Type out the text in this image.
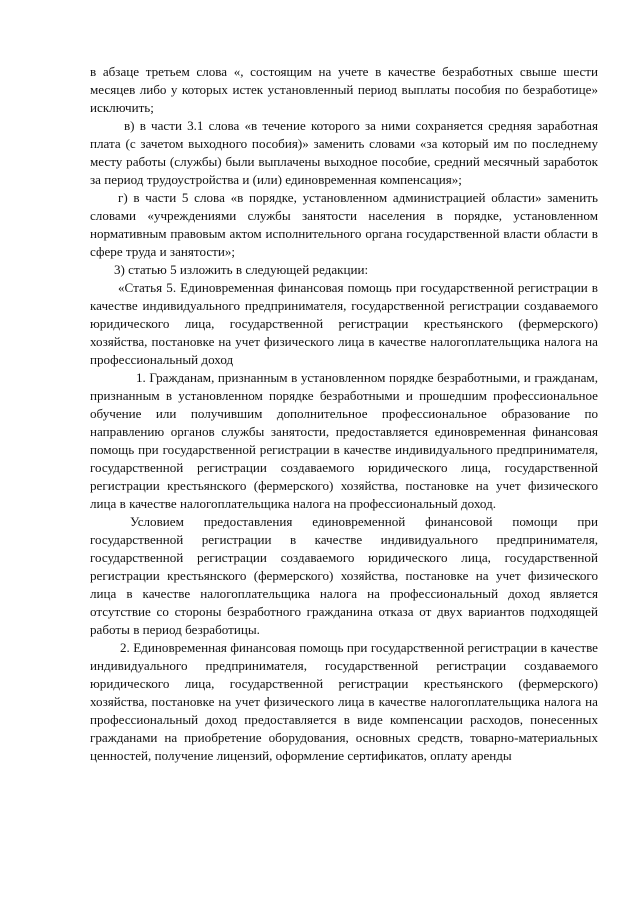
в абзаце третьем слова «, состоящим на учете в качестве безработных свыше шести месяцев либо у которых истек установленный период выплаты пособия по безработице» исключить;

в) в части 3.1 слова «в течение которого за ними сохраняется средняя заработная плата (с зачетом выходного пособия)» заменить словами «за который им по последнему месту работы (службы) были выплачены выходное пособие, средний месячный заработок за период трудоустройства и (или) единовременная компенсация»;

г) в части 5 слова «в порядке, установленном администрацией области» заменить словами «учреждениями службы занятости населения в порядке, установленном нормативным правовым актом исполнительного органа государственной власти области в сфере труда и занятости»;

3) статью 5 изложить в следующей редакции:

«Статья 5. Единовременная финансовая помощь при государственной регистрации в качестве индивидуального предпринимателя, государственной регистрации создаваемого юридического лица, государственной регистрации крестьянского (фермерского) хозяйства, постановке на учет физического лица в качестве налогоплательщика налога на профессиональный доход

1. Гражданам, признанным в установленном порядке безработными, и гражданам, признанным в установленном порядке безработными и прошедшим профессиональное обучение или получившим дополнительное профессиональное образование по направлению органов службы занятости, предоставляется единовременная финансовая помощь при государственной регистрации в качестве индивидуального предпринимателя, государственной регистрации создаваемого юридического лица, государственной регистрации крестьянского (фермерского) хозяйства, постановке на учет физического лица в качестве налогоплательщика налога на профессиональный доход.

Условием предоставления единовременной финансовой помощи при государственной регистрации в качестве индивидуального предпринимателя, государственной регистрации создаваемого юридического лица, государственной регистрации крестьянского (фермерского) хозяйства, постановке на учет физического лица в качестве налогоплательщика налога на профессиональный доход является отсутствие со стороны безработного гражданина отказа от двух вариантов подходящей работы в период безработицы.

2. Единовременная финансовая помощь при государственной регистрации в качестве индивидуального предпринимателя, государственной регистрации создаваемого юридического лица, государственной регистрации крестьянского (фермерского) хозяйства, постановке на учет физического лица в качестве налогоплательщика налога на профессиональный доход предоставляется в виде компенсации расходов, понесенных гражданами на приобретение оборудования, основных средств, товарно-материальных ценностей, получение лицензий, оформление сертификатов, оплату аренды
